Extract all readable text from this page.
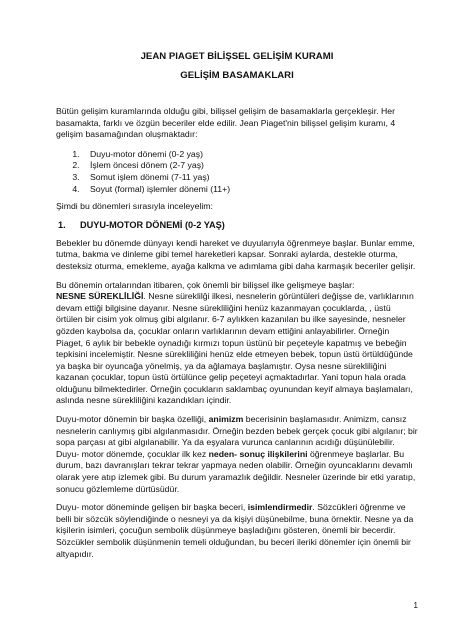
JEAN PIAGET BİLİŞSEL GELİŞİM KURAMI
GELİŞİM BASAMAKLARI

Bütün gelişim kuramlarında olduğu gibi, bilişsel gelişim de basamaklarla gerçekleşir. Her basamakta, farklı ve özgün beceriler elde edilir. Jean Piaget'nin bilişsel gelişim kuramı, 4 gelişim basamağından oluşmaktadır:

1. Duyu-motor dönemi (0-2 yaş)
2. İşlem öncesi dönem (2-7 yaş)
3. Somut işlem dönemi (7-11 yaş)
4. Soyut (formal) işlemler dönemi (11+)

Şimdi bu dönemleri sırasıyla inceleyelim:

1.	DUYU-MOTOR DÖNEMİ (0-2 YAŞ)

Bebekler bu dönemde dünyayı kendi hareket ve duyularıyla öğrenmeye başlar. Bunlar emme, tutma, bakma ve dinleme gibi temel hareketleri kapsar. Sonraki aylarda, destekle oturma, desteksiz oturma, emekleme, ayağa kalkma ve adımlama gibi daha karmaşık beceriler gelişir.

Bu dönemin ortalarından itibaren, çok önemli bir bilişsel ilke gelişmeye başlar:
NESNE SÜREKLİLİĞİ. Nesne süreklilği ilkesi, nesnelerin görüntüleri değişse de, varlıklarının devam ettiği bilgisine dayanır. Nesne sürekliliğini henüz kazanmayan çocuklarda, , üstü örtülen bir cisim yok olmuş gibi algılanır. 6-7 aylıkken kazanılan bu ilke sayesinde, nesneler gözden kaybolsa da, çocuklar onların varlıklarının devam ettiğini anlayabilirler. Örneğin Piaget, 6 aylık bir bebekle oynadığı kırmızı topun üstünü bir peçeteyle kapatmış ve bebeğin tepkisini incelemiştir. Nesne sürekliliğini henüz elde etmeyen bebek, topun üstü örtüldüğünde ya başka bir oyuncağa yönelmiş, ya da ağlamaya başlamıştır. Oysa nesne sürekliliğini kazanan çocuklar, topun üstü örtülünce gelip peçeteyi açmaktadırlar. Yani topun hala orada olduğunu bilmektedirler. Örneğin çocukların saklambaç oyunundan keyif almaya başlamaları, aslında nesne sürekliliğini kazandıkları içindir.

Duyu-motor dönemin bir başka özelliği, animizm becerisinin başlamasıdır. Animizm, cansız nesnelerin canlıymış gibi algılanmasıdır. Örneğin bezden bebek gerçek çocuk gibi algılanır; bir sopa parçası at gibi algılanabilir. Ya da eşyalara vurunca canlarının acıdığı düşünülebilir. Duyu- motor dönemde, çocuklar ilk kez neden- sonuç ilişkilerini öğrenmeye başlarlar. Bu durum, bazı davranışları tekrar tekrar yapmaya neden olabilir. Örneğin oyuncaklarını devamlı olarak yere atıp izlemek gibi. Bu durum yaramazlık değildir. Nesneler üzerinde bir etki yaratıp, sonucu gözlemleme dürtüsüdür.

Duyu- motor döneminde gelişen bir başka beceri, isimlendirmedir. Sözcükleri öğrenme ve belli bir sözcük söylendiğinde o nesneyi ya da kişiyi düşünebilme, buna örnektir. Nesne ya da kişilerin isimleri, çocuğun sembolik düşünmeye başladığını gösteren, önemli bir becerdir. Sözcükler sembolik düşünmenin temeli olduğundan, bu beceri ileriki dönemler için önemli bir altyapıdır.

1
